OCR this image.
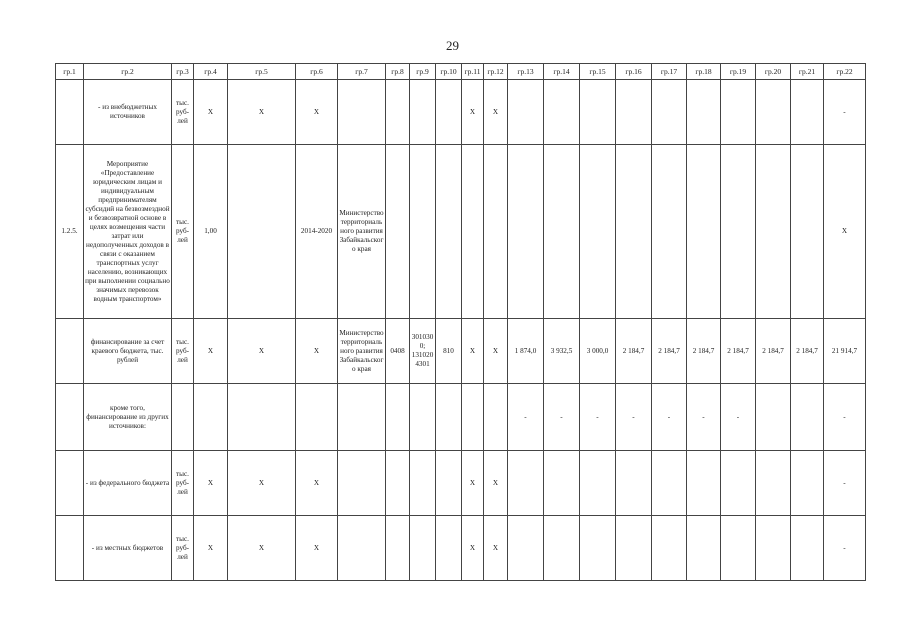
29
гр.1	гр.2	гр.3	гр.4	гр.5	гр.6	гр.7	гр.8	гр.9	гр.10	гр.11	гр.12	гр.13	гр.14	гр.15	гр.16	гр.17	гр.18	гр.19	гр.20	гр.21	гр.22
	- из внебюджетных источников	тыс. руб-лей	X	X	X					X	X										-
1.2.5.	Мероприятие «Предоставление юридическим лицам и индивидуальным предпринимателям субсидий на безвозмездной и безвозвратной основе в целях возмещения части затрат или недополученных доходов в связи с оказанием транспортных услуг населению, возникающих при выполнении социально значимых перевозок водным транспортом»	тыс. руб-лей	1,00		2014-2020	Министерство территориального развития Забайкальского края															X
	финансирование за счет краевого бюджета, тыс. рублей	тыс. руб-лей	X	X	X	Министерство территориального развития Забайкальского края	0408	301030 0; 131020 4301	810	X	X	1 874,0	3 932,5	3 000,0	2 184,7	2 184,7	2 184,7	2 184,7	2 184,7	2 184,7	21 914,7
	кроме того, финансирование из других источников:											-	-	-	-	-	-	-			-
	- из федерального бюджета	тыс. руб-лей	X	X	X					X	X										-
	- из местных бюджетов	тыс. руб-лей	X	X	X					X	X										-
